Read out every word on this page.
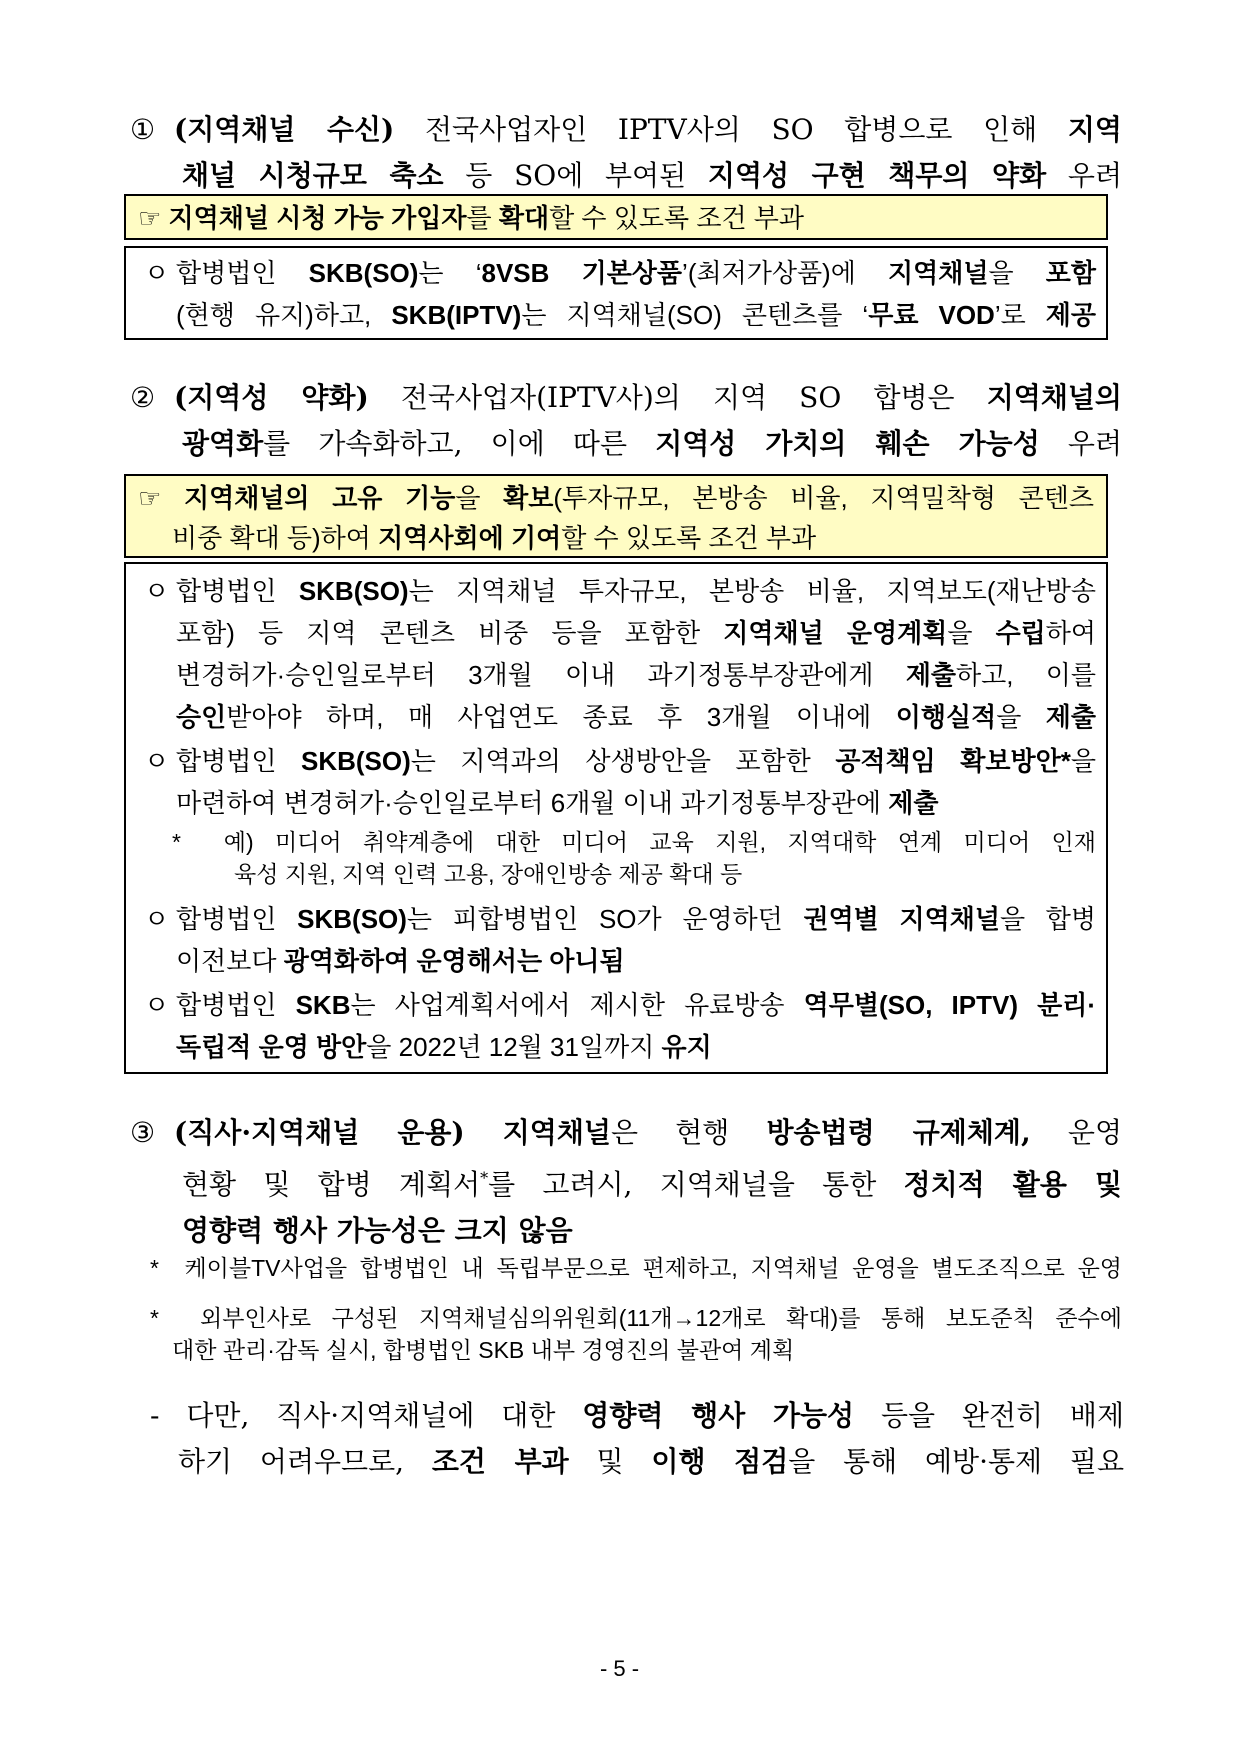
① (지역채널 수신) 전국사업자인 IPTV사의 SO 합병으로 인해 지역
채널 시청규모 축소 등 SO에 부여된 지역성 구현 책무의 약화 우려
☞ 지역채널 시청 가능 가입자를 확대할 수 있도록 조건 부과
ㅇ 합병법인 SKB(SO)는 ‘8VSB 기본상품’(최저가상품)에 지역채널을 포함
(현행 유지)하고, SKB(IPTV)는 지역채널(SO) 콘텐츠를 ‘무료 VOD’로 제공
② (지역성 약화) 전국사업자(IPTV사)의 지역 SO 합병은 지역채널의
광역화를 가속화하고, 이에 따른 지역성 가치의 훼손 가능성 우려
☞ 지역채널의 고유 기능을 확보(투자규모, 본방송 비율, 지역밀착형 콘텐츠
비중 확대 등)하여 지역사회에 기여할 수 있도록 조건 부과
ㅇ 합병법인 SKB(SO)는 지역채널 투자규모, 본방송 비율, 지역보도(재난방송
포함) 등 지역 콘텐츠 비중 등을 포함한 지역채널 운영계획을 수립하여
변경허가·승인일로부터 3개월 이내 과기정통부장관에게 제출하고, 이를
승인받아야 하며, 매 사업연도 종료 후 3개월 이내에 이행실적을 제출
ㅇ 합병법인 SKB(SO)는 지역과의 상생방안을 포함한 공적책임 확보방안*을
마련하여 변경허가·승인일로부터 6개월 이내 과기정통부장관에 제출
* 예) 미디어 취약계층에 대한 미디어 교육 지원, 지역대학 연계 미디어 인재
육성 지원, 지역 인력 고용, 장애인방송 제공 확대 등
ㅇ 합병법인 SKB(SO)는 피합병법인 SO가 운영하던 권역별 지역채널을 합병
이전보다 광역화하여 운영해서는 아니됨
ㅇ 합병법인 SKB는 사업계획서에서 제시한 유료방송 역무별(SO, IPTV) 분리·
독립적 운영 방안을 2022년 12월 31일까지 유지
③ (직사·지역채널 운용) 지역채널은 현행 방송법령 규제체계, 운영
현황 및 합병 계획서*를 고려시, 지역채널을 통한 정치적 활용 및
영향력 행사 가능성은 크지 않음
* 케이블TV사업을 합병법인 내 독립부문으로 편제하고, 지역채널 운영을 별도조직으로 운영
* 외부인사로 구성된 지역채널심의위원회(11개→12개로 확대)를 통해 보도준칙 준수에
대한 관리·감독 실시, 합병법인 SKB 내부 경영진의 불관여 계획
- 다만, 직사·지역채널에 대한 영향력 행사 가능성 등을 완전히 배제
하기 어려우므로, 조건 부과 및 이행 점검을 통해 예방·통제 필요
- 5 -
